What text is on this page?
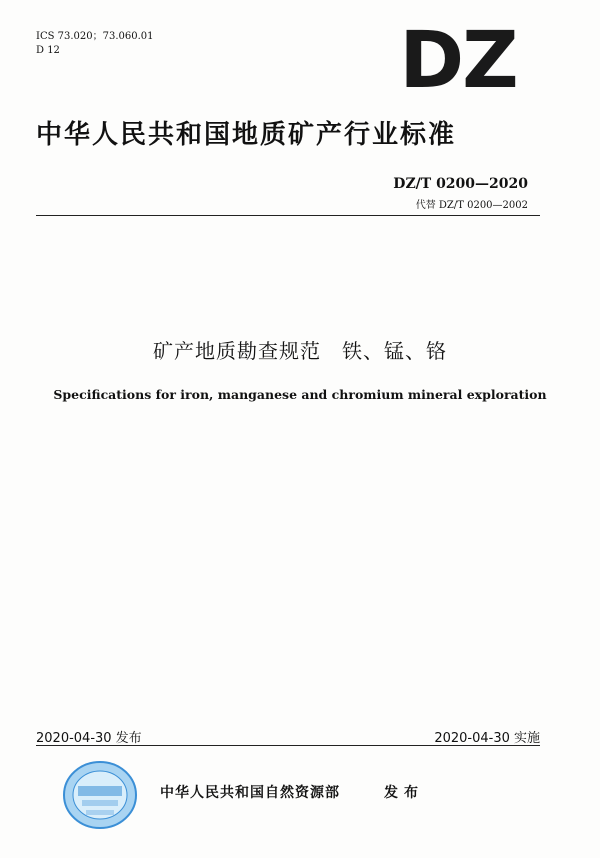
ICS 73.020；73.060.01
D 12	DZ
中华人民共和国地质矿产行业标准
DZ/T 0200—2020
代替 DZ/T 0200—2002
矿产地质勘查规范　铁、锰、铬
Specifications for iron, manganese and chromium mineral exploration
2020-04-30 发布	2020-04-30 实施
中华人民共和国自然资源部	发布
